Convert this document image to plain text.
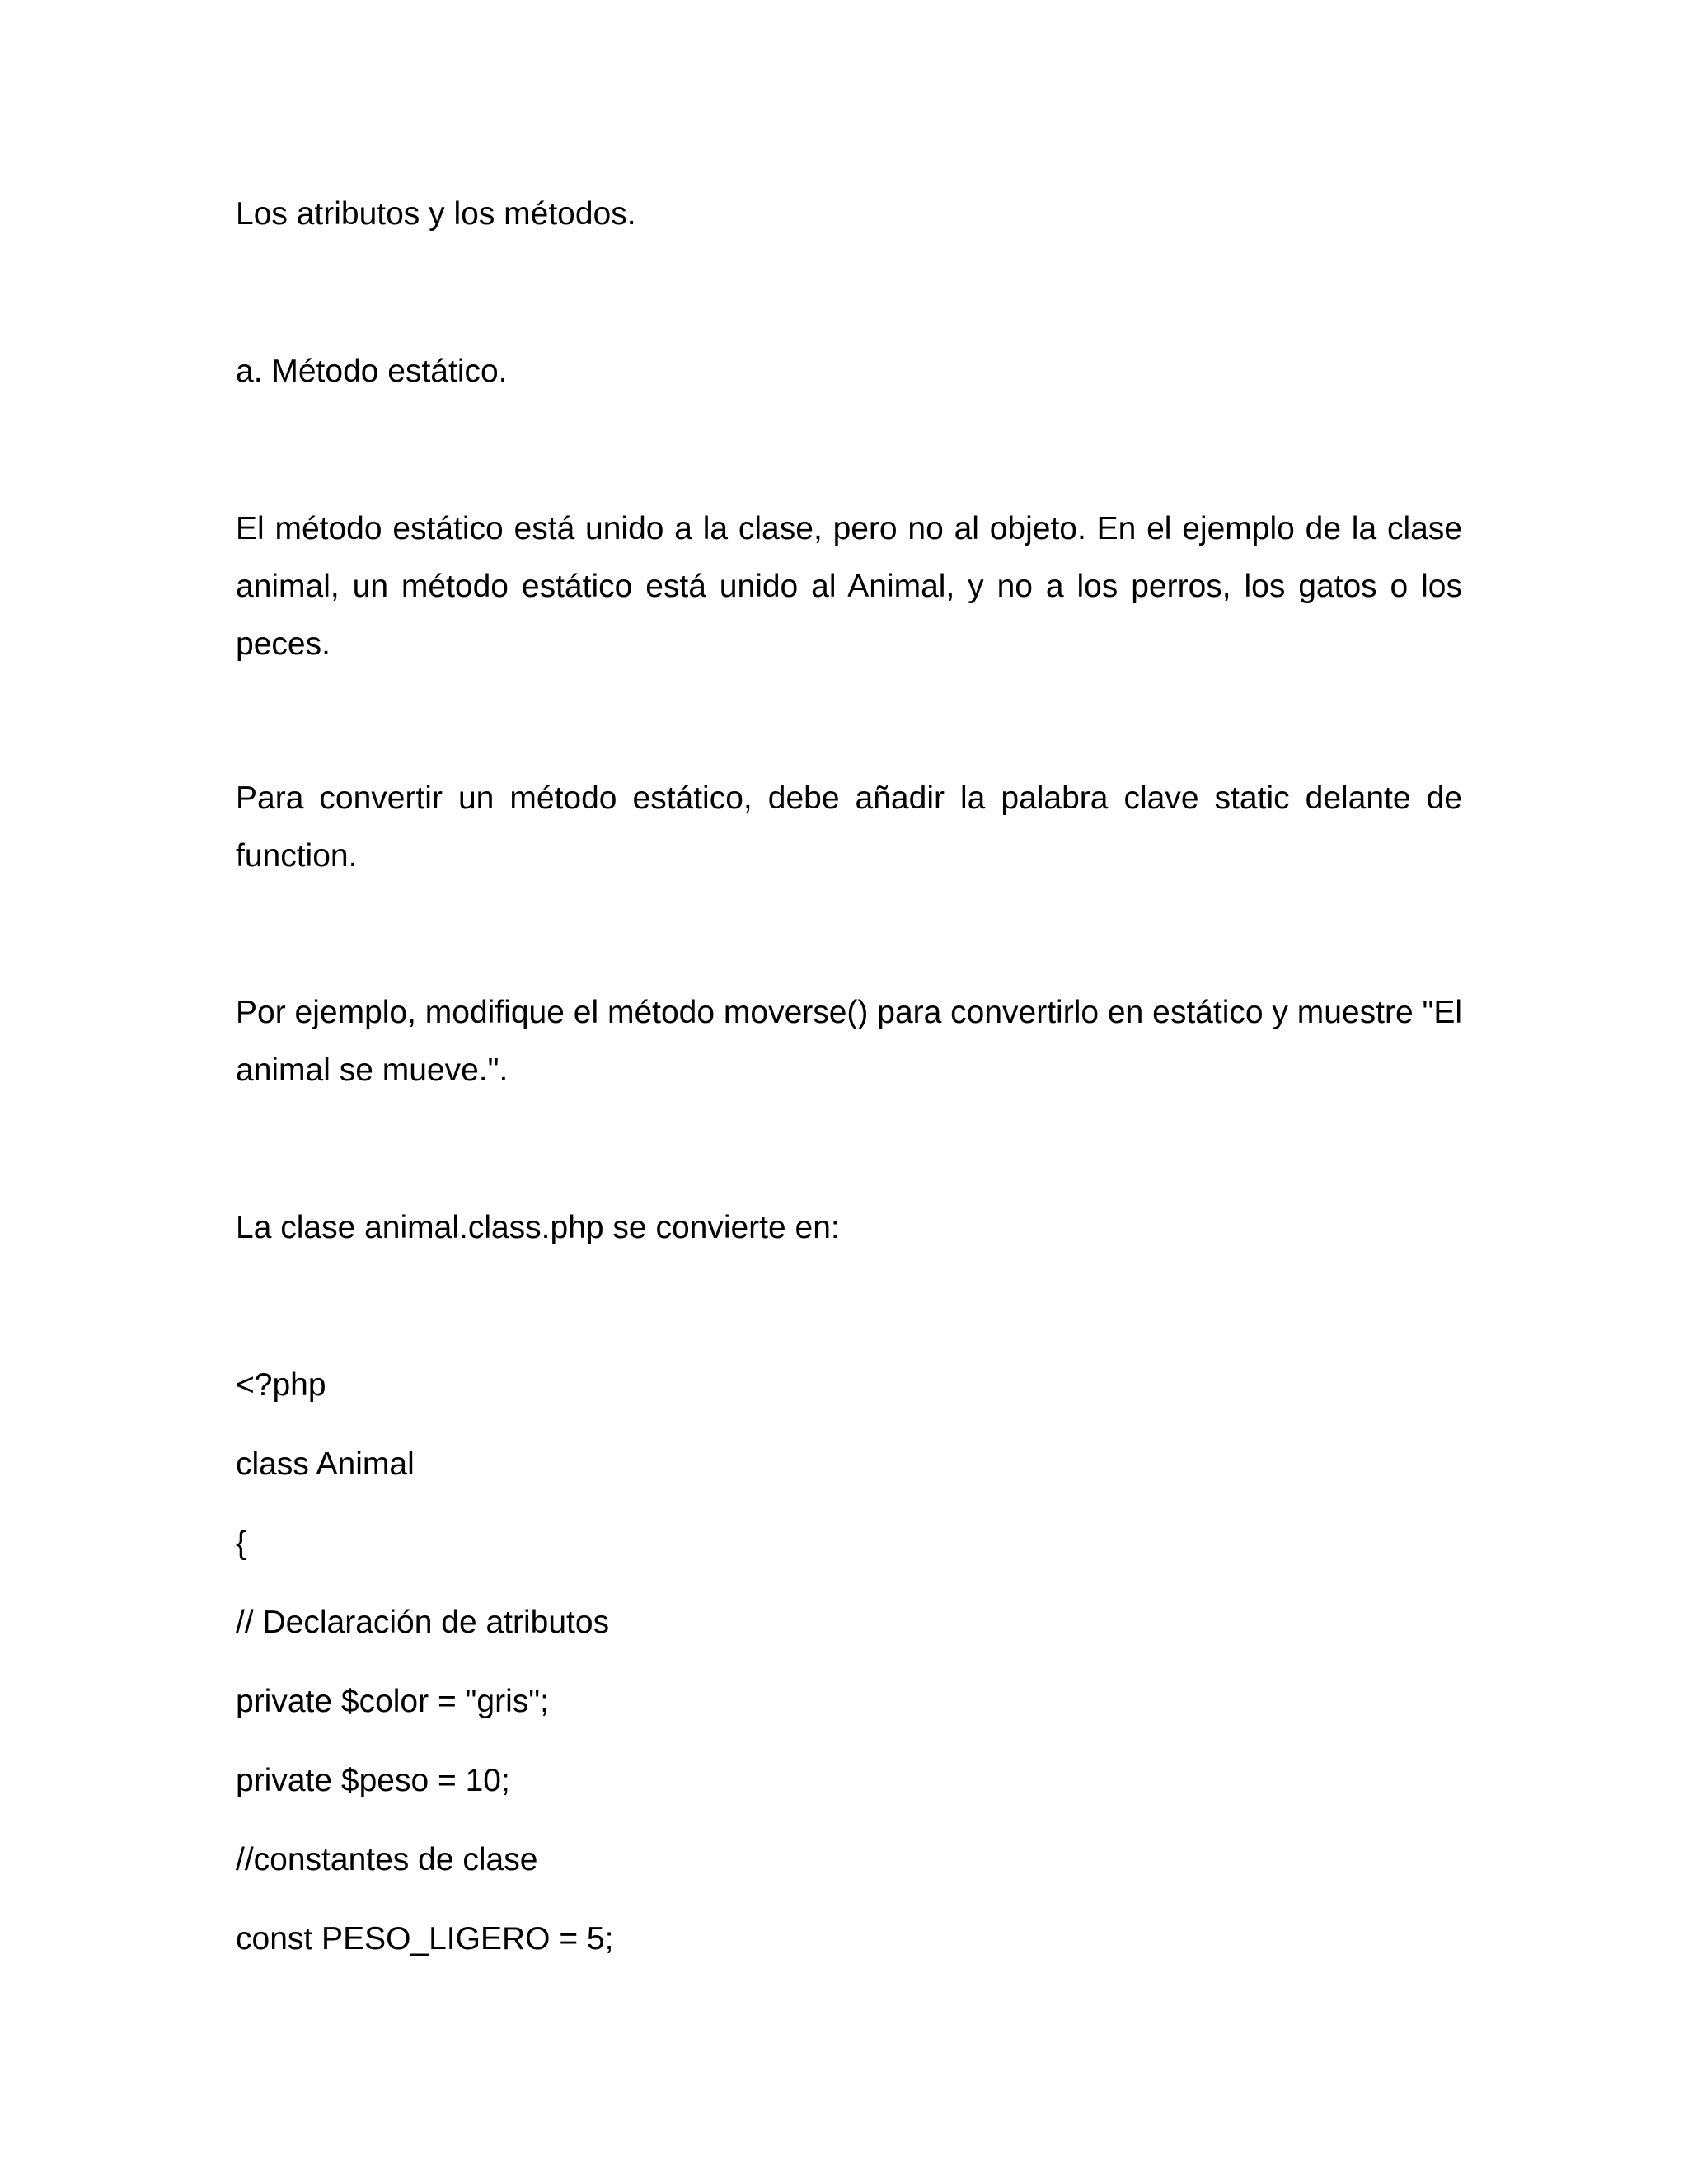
Los atributos y los métodos.

a. Método estático.

El método estático está unido a la clase, pero no al objeto. En el ejemplo de la clase animal, un método estático está unido al Animal, y no a los perros, los gatos o los peces.

Para convertir un método estático, debe añadir la palabra clave static delante de function.

Por ejemplo, modifique el método moverse() para convertirlo en estático y muestre "El animal se mueve.".

La clase animal.class.php se convierte en:

<?php

class Animal

{

// Declaración de atributos

private $color = "gris";

private $peso = 10;

//constantes de clase

const PESO_LIGERO = 5;
